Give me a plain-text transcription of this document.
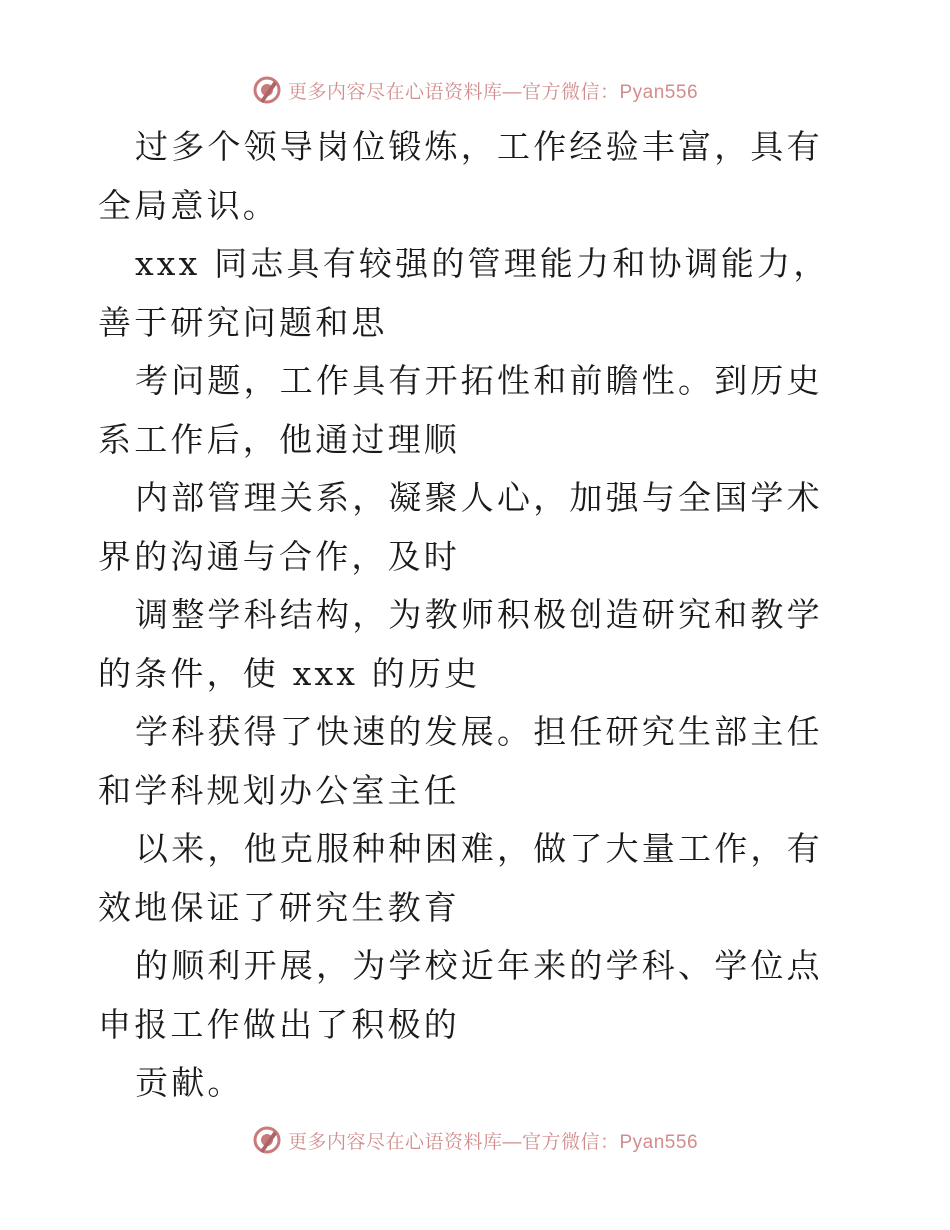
更多内容尽在心语资料库 —官方微信：Pyan556

过多个领导岗位锻炼，工作经验丰富，具有全局意识。

xxx 同志具有较强的管理能力和协调能力，善于研究问题和思

考问题，工作具有开拓性和前瞻性。到历史系工作后，他通过理顺

内部管理关系，凝聚人心，加强与全国学术界的沟通与合作，及时

调整学科结构，为教师积极创造研究和教学的条件，使 xxx 的历史

学科获得了快速的发展。担任研究生部主任和学科规划办公室主任

以来，他克服种种困难，做了大量工作，有效地保证了研究生教育

的顺利开展，为学校近年来的学科、学位点申报工作做出了积极的

贡献。

更多内容尽在心语资料库 —官方微信：Pyan556
